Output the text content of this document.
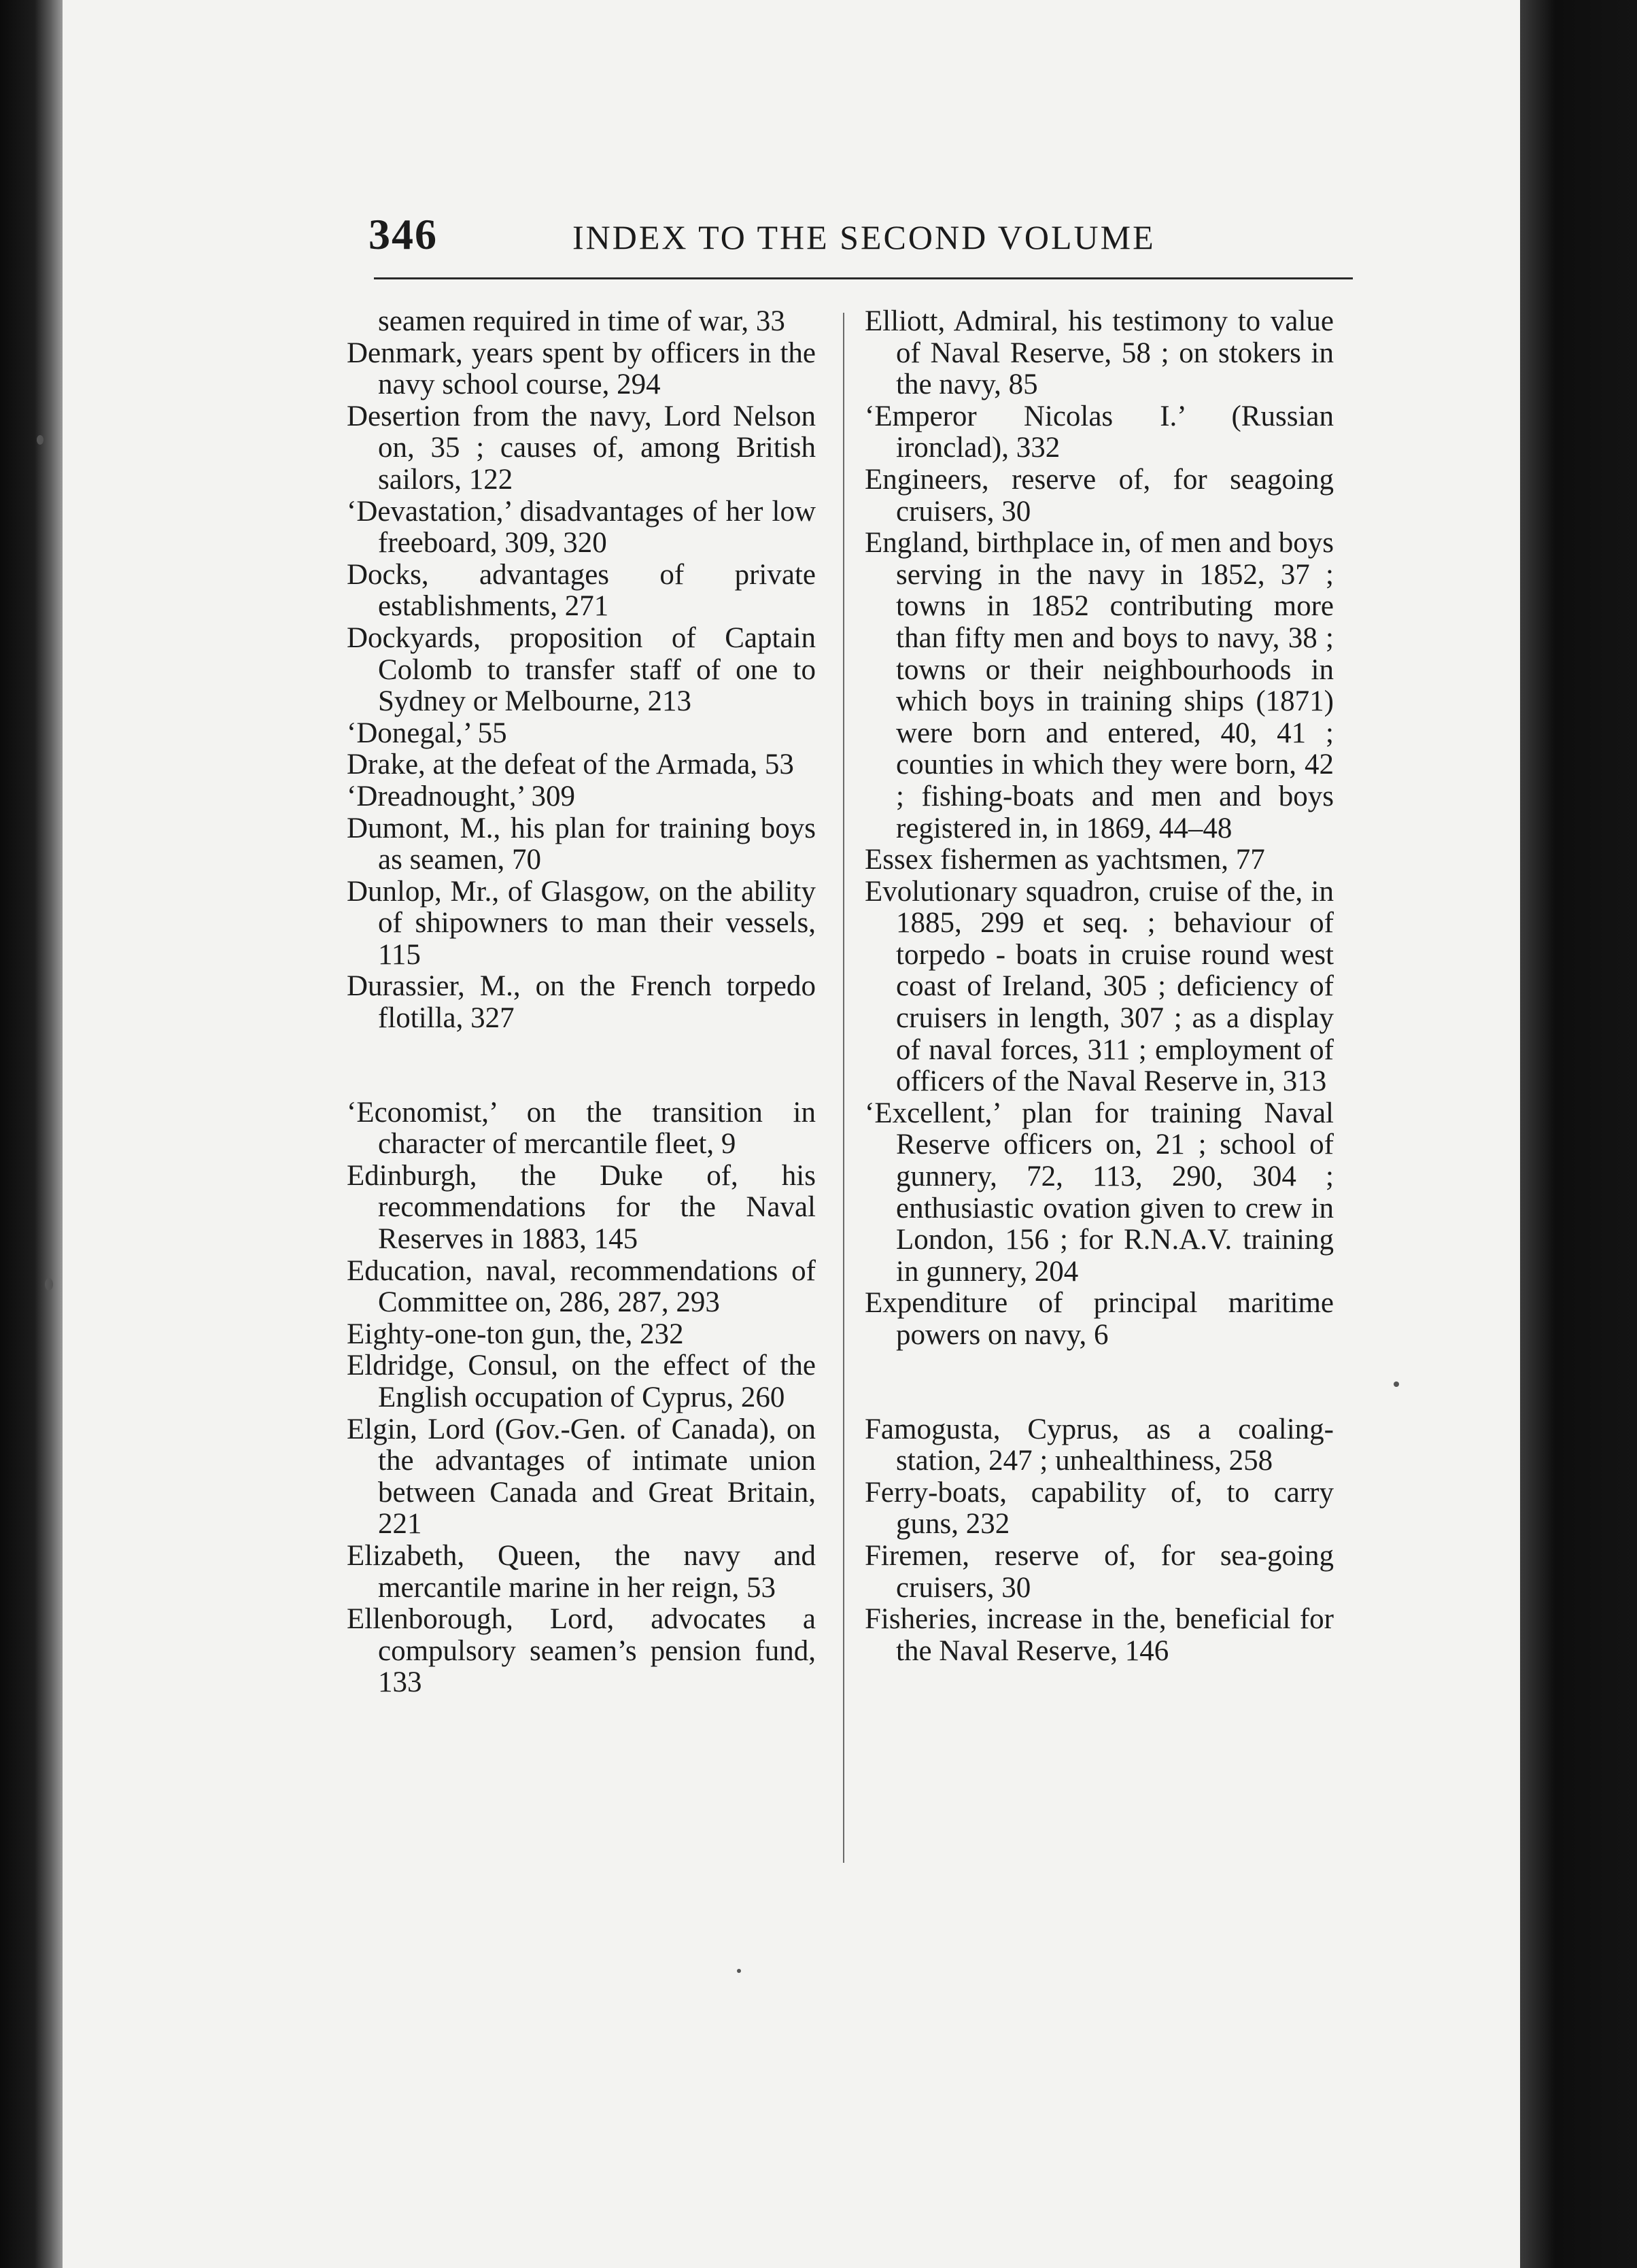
346	INDEX TO THE SECOND VOLUME

seamen required in time of war, 33

Denmark, years spent by officers in the navy school course, 294

Desertion from the navy, Lord Nelson on, 35 ; causes of, among British sailors, 122

‘Devastation,’ disadvantages of her low freeboard, 309, 320

Docks, advantages of private establishments, 271

Dockyards, proposition of Captain Colomb to transfer staff of one to Sydney or Melbourne, 213

‘Donegal,’ 55

Drake, at the defeat of the Armada, 53

‘Dreadnought,’ 309

Dumont, M., his plan for training boys as seamen, 70

Dunlop, Mr., of Glasgow, on the ability of shipowners to man their vessels, 115

Durassier, M., on the French torpedo flotilla, 327

‘Economist,’ on the transition in character of mercantile fleet, 9

Edinburgh, the Duke of, his recommendations for the Naval Reserves in 1883, 145

Education, naval, recommendations of Committee on, 286, 287, 293

Eighty-one-ton gun, the, 232

Eldridge, Consul, on the effect of the English occupation of Cyprus, 260

Elgin, Lord (Gov.-Gen. of Canada), on the advantages of intimate union between Canada and Great Britain, 221

Elizabeth, Queen, the navy and mercantile marine in her reign, 53

Ellenborough, Lord, advocates a compulsory seamen’s pension fund, 133

Elliott, Admiral, his testimony to value of Naval Reserve, 58 ; on stokers in the navy, 85

‘Emperor Nicolas I.’ (Russian ironclad), 332

Engineers, reserve of, for seagoing cruisers, 30

England, birthplace in, of men and boys serving in the navy in 1852, 37 ; towns in 1852 contributing more than fifty men and boys to navy, 38 ; towns or their neighbourhoods in which boys in training ships (1871) were born and entered, 40, 41 ; counties in which they were born, 42 ; fishing-boats and men and boys registered in, in 1869, 44–48

Essex fishermen as yachtsmen, 77

Evolutionary squadron, cruise of the, in 1885, 299 et seq. ; behaviour of torpedo - boats in cruise round west coast of Ireland, 305 ; deficiency of cruisers in length, 307 ; as a display of naval forces, 311 ; employment of officers of the Naval Reserve in, 313

‘Excellent,’ plan for training Naval Reserve officers on, 21 ; school of gunnery, 72, 113, 290, 304 ; enthusiastic ovation given to crew in London, 156 ; for R.N.A.V. training in gunnery, 204

Expenditure of principal maritime powers on navy, 6

Famogusta, Cyprus, as a coaling-station, 247 ; unhealthiness, 258

Ferry-boats, capability of, to carry guns, 232

Firemen, reserve of, for sea-going cruisers, 30

Fisheries, increase in the, beneficial for the Naval Reserve, 146
